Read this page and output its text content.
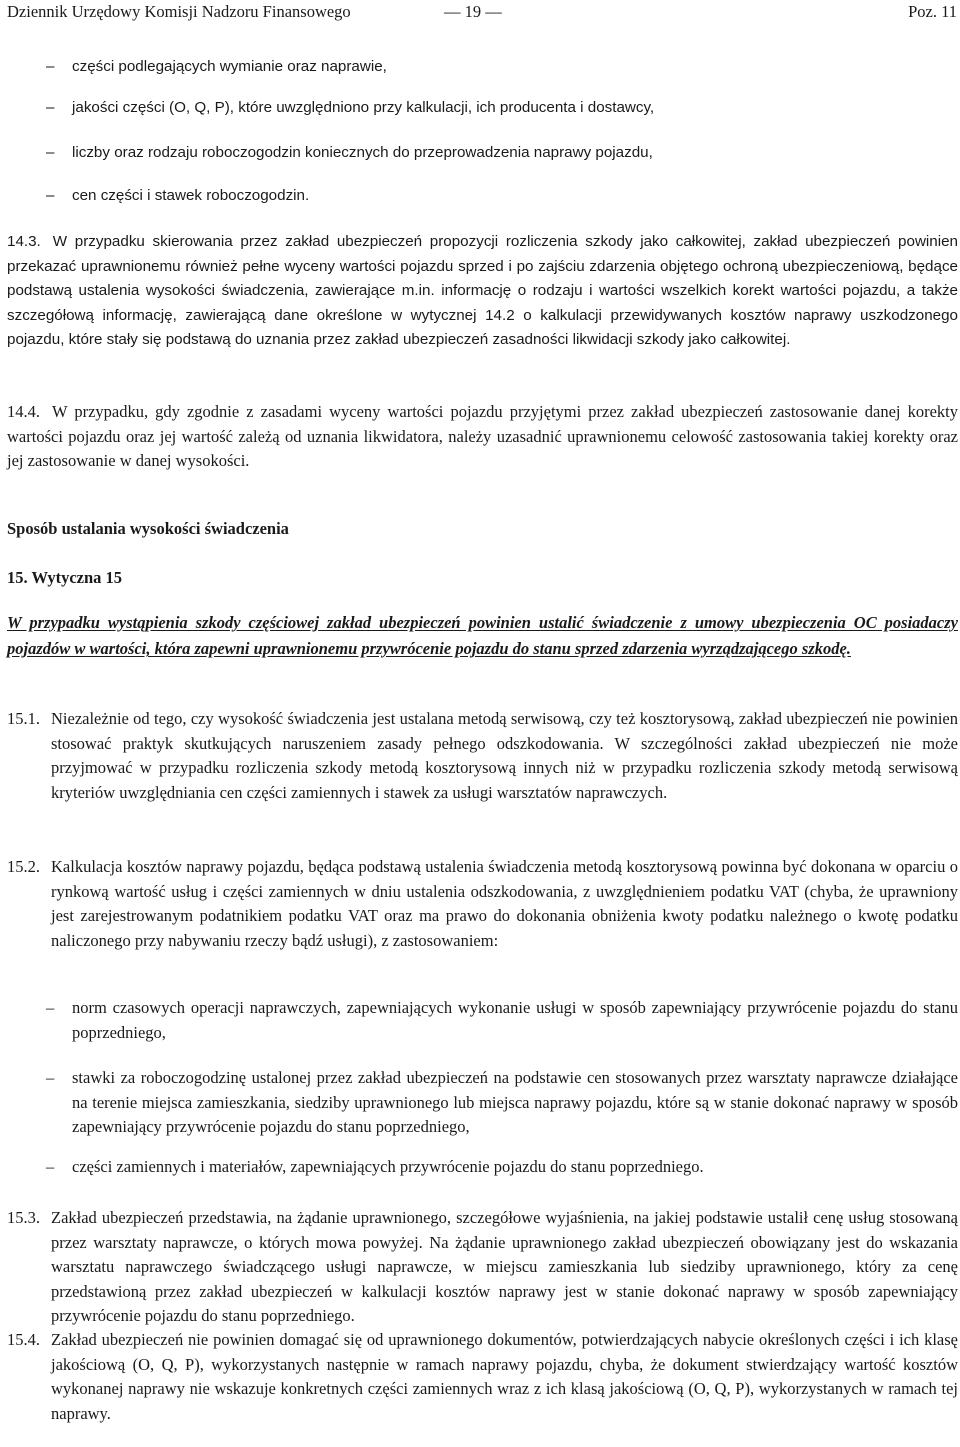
Dziennik Urzędowy Komisji Nadzoru Finansowego	— 19 —	Poz. 11
– części podlegających wymianie oraz naprawie,
– jakości części (O, Q, P), które uwzględniono przy kalkulacji, ich producenta i dostawcy,
– liczby oraz rodzaju roboczogodzin koniecznych do przeprowadzenia naprawy pojazdu,
– cen części i stawek roboczogodzin.
14.3. W przypadku skierowania przez zakład ubezpieczeń propozycji rozliczenia szkody jako całkowitej, zakład ubezpieczeń powinien przekazać uprawnionemu również pełne wyceny wartości pojazdu sprzed i po zajściu zdarzenia objętego ochroną ubezpieczeniową, będące podstawą ustalenia wysokości świadczenia, zawierające m.in. informację o rodzaju i wartości wszelkich korekt wartości pojazdu, a także szczegółową informację, zawierającą dane określone w wytycznej 14.2 o kalkulacji przewidywanych kosztów naprawy uszkodzonego pojazdu, które stały się podstawą do uznania przez zakład ubezpieczeń zasadności likwidacji szkody jako całkowitej.
14.4. W przypadku, gdy zgodnie z zasadami wyceny wartości pojazdu przyjętymi przez zakład ubezpieczeń zastosowanie danej korekty wartości pojazdu oraz jej wartość zależą od uznania likwidatora, należy uzasadnić uprawnionemu celowość zastosowania takiej korekty oraz jej zastosowanie w danej wysokości.
Sposób ustalania wysokości świadczenia
15. Wytyczna 15
W przypadku wystąpienia szkody częściowej zakład ubezpieczeń powinien ustalić świadczenie z umowy ubezpieczenia OC posiadaczy pojazdów w wartości, która zapewni uprawnionemu przywrócenie pojazdu do stanu sprzed zdarzenia wyrządzającego szkodę.
15.1. Niezależnie od tego, czy wysokość świadczenia jest ustalana metodą serwisową, czy też kosztorysową, zakład ubezpieczeń nie powinien stosować praktyk skutkujących naruszeniem zasady pełnego odszkodowania. W szczególności zakład ubezpieczeń nie może przyjmować w przypadku rozliczenia szkody metodą kosztorysową innych niż w przypadku rozliczenia szkody metodą serwisową kryteriów uwzględniania cen części zamiennych i stawek za usługi warsztatów naprawczych.
15.2. Kalkulacja kosztów naprawy pojazdu, będąca podstawą ustalenia świadczenia metodą kosztorysową powinna być dokonana w oparciu o rynkową wartość usług i części zamiennych w dniu ustalenia odszkodowania, z uwzględnieniem podatku VAT (chyba, że uprawniony jest zarejestrowanym podatnikiem podatku VAT oraz ma prawo do dokonania obniżenia kwoty podatku należnego o kwotę podatku naliczonego przy nabywaniu rzeczy bądź usługi), z zastosowaniem:
– norm czasowych operacji naprawczych, zapewniających wykonanie usługi w sposób zapewniający przywrócenie pojazdu do stanu poprzedniego,
– stawki za roboczogodzinę ustalonej przez zakład ubezpieczeń na podstawie cen stosowanych przez warsztaty naprawcze działające na terenie miejsca zamieszkania, siedziby uprawnionego lub miejsca naprawy pojazdu, które są w stanie dokonać naprawy w sposób zapewniający przywrócenie pojazdu do stanu poprzedniego,
– części zamiennych i materiałów, zapewniających przywrócenie pojazdu do stanu poprzedniego.
15.3. Zakład ubezpieczeń przedstawia, na żądanie uprawnionego, szczegółowe wyjaśnienia, na jakiej podstawie ustalił cenę usług stosowaną przez warsztaty naprawcze, o których mowa powyżej. Na żądanie uprawnionego zakład ubezpieczeń obowiązany jest do wskazania warsztatu naprawczego świadczącego usługi naprawcze, w miejscu zamieszkania lub siedziby uprawnionego, który za cenę przedstawioną przez zakład ubezpieczeń w kalkulacji kosztów naprawy jest w stanie dokonać naprawy w sposób zapewniający przywrócenie pojazdu do stanu poprzedniego.
15.4. Zakład ubezpieczeń nie powinien domagać się od uprawnionego dokumentów, potwierdzających nabycie określonych części i ich klasę jakościową (O, Q, P), wykorzystanych następnie w ramach naprawy pojazdu, chyba, że dokument stwierdzający wartość kosztów wykonanej naprawy nie wskazuje konkretnych części zamiennych wraz z ich klasą jakościową (O, Q, P), wykorzystanych w ramach tej naprawy.
